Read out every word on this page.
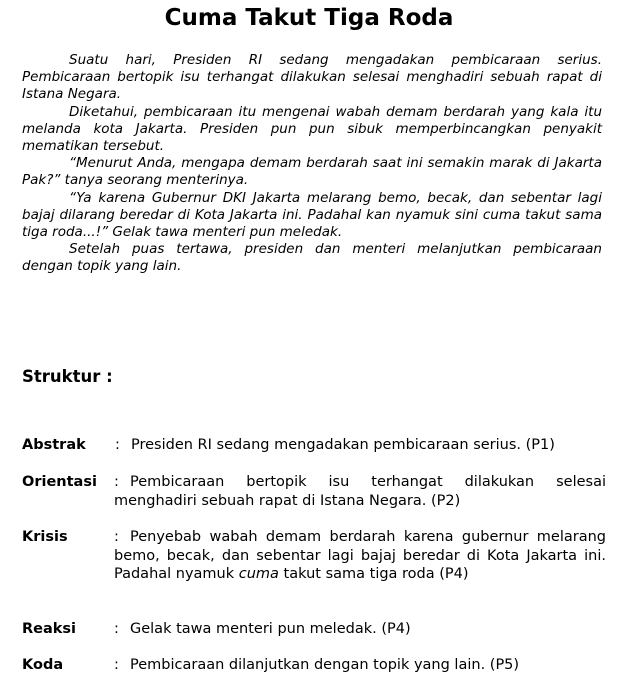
Cuma Takut Tiga Roda

Suatu hari, Presiden RI sedang mengadakan pembicaraan serius. Pembicaraan bertopik isu terhangat dilakukan selesai menghadiri sebuah rapat di Istana Negara.

Diketahui, pembicaraan itu mengenai wabah demam berdarah yang kala itu melanda kota Jakarta. Presiden pun pun sibuk memperbincangkan penyakit mematikan tersebut.

“Menurut Anda, mengapa demam berdarah saat ini semakin marak di Jakarta Pak?” tanya seorang menterinya.

“Ya karena Gubernur DKI Jakarta melarang bemo, becak, dan sebentar lagi bajaj dilarang beredar di Kota Jakarta ini. Padahal kan nyamuk sini cuma takut sama tiga roda...!” Gelak tawa menteri pun meledak.

Setelah puas tertawa, presiden dan menteri melanjutkan pembicaraan dengan topik yang lain.

Struktur :
Abstrak : Presiden RI sedang mengadakan pembicaraan serius. (P1)
Orientasi : Pembicaraan bertopik isu terhangat dilakukan selesai menghadiri sebuah rapat di Istana Negara. (P2)
Krisis	: Penyebab wabah demam berdarah karena gubernur melarang bemo, becak, dan sebentar lagi bajaj beredar di Kota Jakarta ini. Padahal nyamuk cuma takut sama tiga roda (P4)
Reaksi	: Gelak tawa menteri pun meledak. (P4)
Koda	: Pembicaraan dilanjutkan dengan topik yang lain. (P5)
